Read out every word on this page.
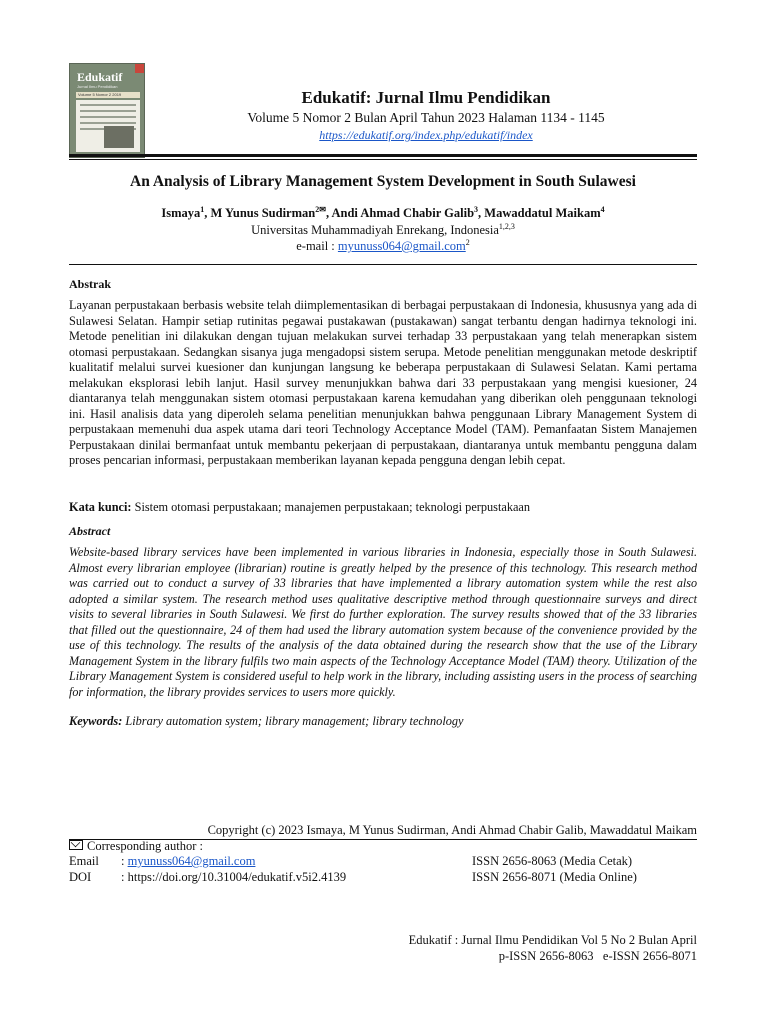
Edukatif
Jurnal Ilmu Pendidikan
Volume 5 Nomor 2 2019	Edukatif: Jurnal Ilmu Pendidikan
Volume 5 Nomor 2 Bulan April Tahun 2023 Halaman 1134 - 1145
https://edukatif.org/index.php/edukatif/index
An Analysis of Library Management System Development in South Sulawesi
Ismaya$^1$, M Yunus Sudirman$^{2✉}$, Andi Ahmad Chabir Galib$^3$, Mawaddatul Maikam$^4$
Universitas Muhammadiyah Enrekang, Indonesia$^{1,2,3}$
e-mail : myunuss064@gmail.com$^2$
Abstrak

Layanan perpustakaan berbasis website telah diimplementasikan di berbagai perpustakaan di Indonesia, khususnya yang ada di Sulawesi Selatan. Hampir setiap rutinitas pegawai pustakawan (pustakawan) sangat terbantu dengan hadirnya teknologi ini. Metode penelitian ini dilakukan dengan tujuan melakukan survei terhadap 33 perpustakaan yang telah menerapkan sistem otomasi perpustakaan. Sedangkan sisanya juga mengadopsi sistem serupa. Metode penelitian menggunakan metode deskriptif kualitatif melalui survei kuesioner dan kunjungan langsung ke beberapa perpustakaan di Sulawesi Selatan. Kami pertama melakukan eksplorasi lebih lanjut. Hasil survey menunjukkan bahwa dari 33 perpustakaan yang mengisi kuesioner, 24 diantaranya telah menggunakan sistem otomasi perpustakaan karena kemudahan yang diberikan oleh penggunaan teknologi ini. Hasil analisis data yang diperoleh selama penelitian menunjukkan bahwa penggunaan Library Management System di perpustakaan memenuhi dua aspek utama dari teori Technology Acceptance Model (TAM). Pemanfaatan Sistem Manajemen Perpustakaan dinilai bermanfaat untuk membantu pekerjaan di perpustakaan, diantaranya untuk membantu pengguna dalam proses pencarian informasi, perpustakaan memberikan layanan kepada pengguna dengan lebih cepat.

Kata kunci: Sistem otomasi perpustakaan; manajemen perpustakaan; teknologi perpustakaan
Abstract

Website-based library services have been implemented in various libraries in Indonesia, especially those in South Sulawesi. Almost every librarian employee (librarian) routine is greatly helped by the presence of this technology. This research method was carried out to conduct a survey of 33 libraries that have implemented a library automation system while the rest also adopted a similar system. The research method uses qualitative descriptive method through questionnaire surveys and direct visits to several libraries in South Sulawesi. We first do further exploration. The survey results showed that of the 33 libraries that filled out the questionnaire, 24 of them had used the library automation system because of the convenience provided by the use of this technology. The results of the analysis of the data obtained during the research show that the use of the Library Management System in the library fulfils two main aspects of the Technology Acceptance Model (TAM) theory. Utilization of the Library Management System is considered useful to help work in the library, including assisting users in the process of searching for information, the library provides services to users more quickly.

Keywords: Library automation system; library management; library technology
Copyright (c) 2023 Ismaya, M Yunus Sudirman, Andi Ahmad Chabir Galib, Mawaddatul Maikam
Corresponding author :
Email : myunuss064@gmail.com
DOI : https://doi.org/10.31004/edukatif.v5i2.4139
ISSN 2656-8063 (Media Cetak)
ISSN 2656-8071 (Media Online)
Edukatif : Jurnal Ilmu Pendidikan Vol 5 No 2 Bulan April
p-ISSN 2656-8063   e-ISSN 2656-8071
